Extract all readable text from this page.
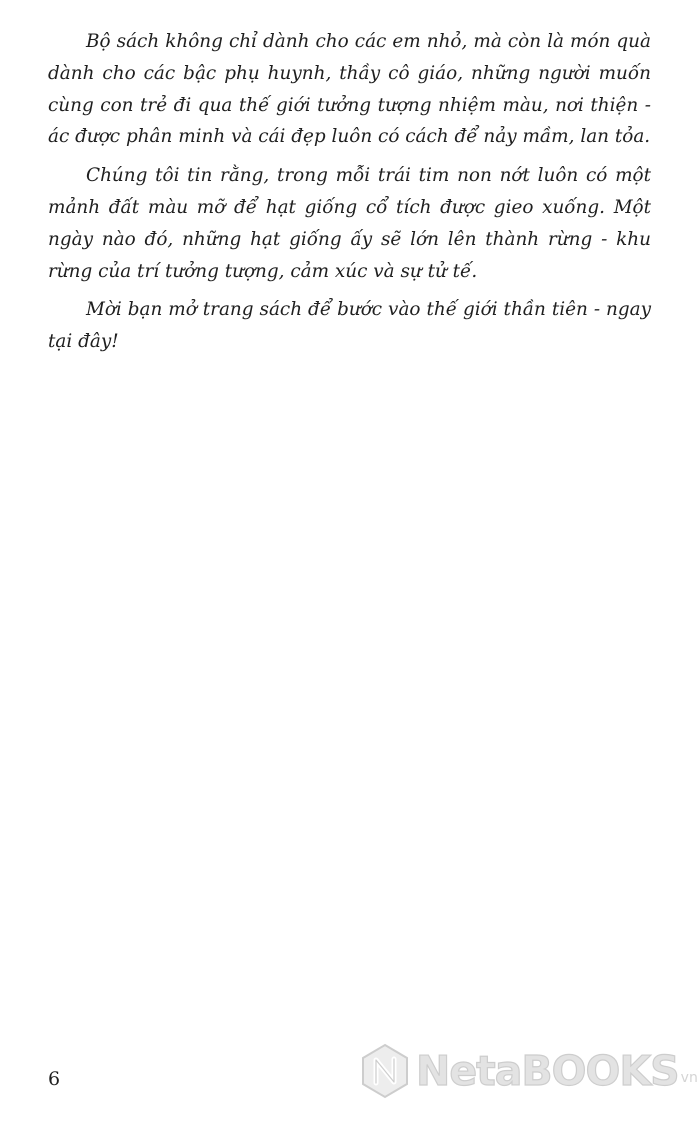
Bộ sách không chỉ dành cho các em nhỏ, mà còn là món quà dành cho các bậc phụ huynh, thầy cô giáo, những người muốn cùng con trẻ đi qua thế giới tưởng tượng nhiệm màu, nơi thiện - ác được phân minh và cái đẹp luôn có cách để nảy mầm, lan tỏa.

Chúng tôi tin rằng, trong mỗi trái tim non nớt luôn có một mảnh đất màu mỡ để hạt giống cổ tích được gieo xuống. Một ngày nào đó, những hạt giống ấy sẽ lớn lên thành rừng - khu rừng của trí tưởng tượng, cảm xúc và sự tử tế.

Mời bạn mở trang sách để bước vào thế giới thần tiên - ngay tại đây!

6	NetaBOOKS vn
